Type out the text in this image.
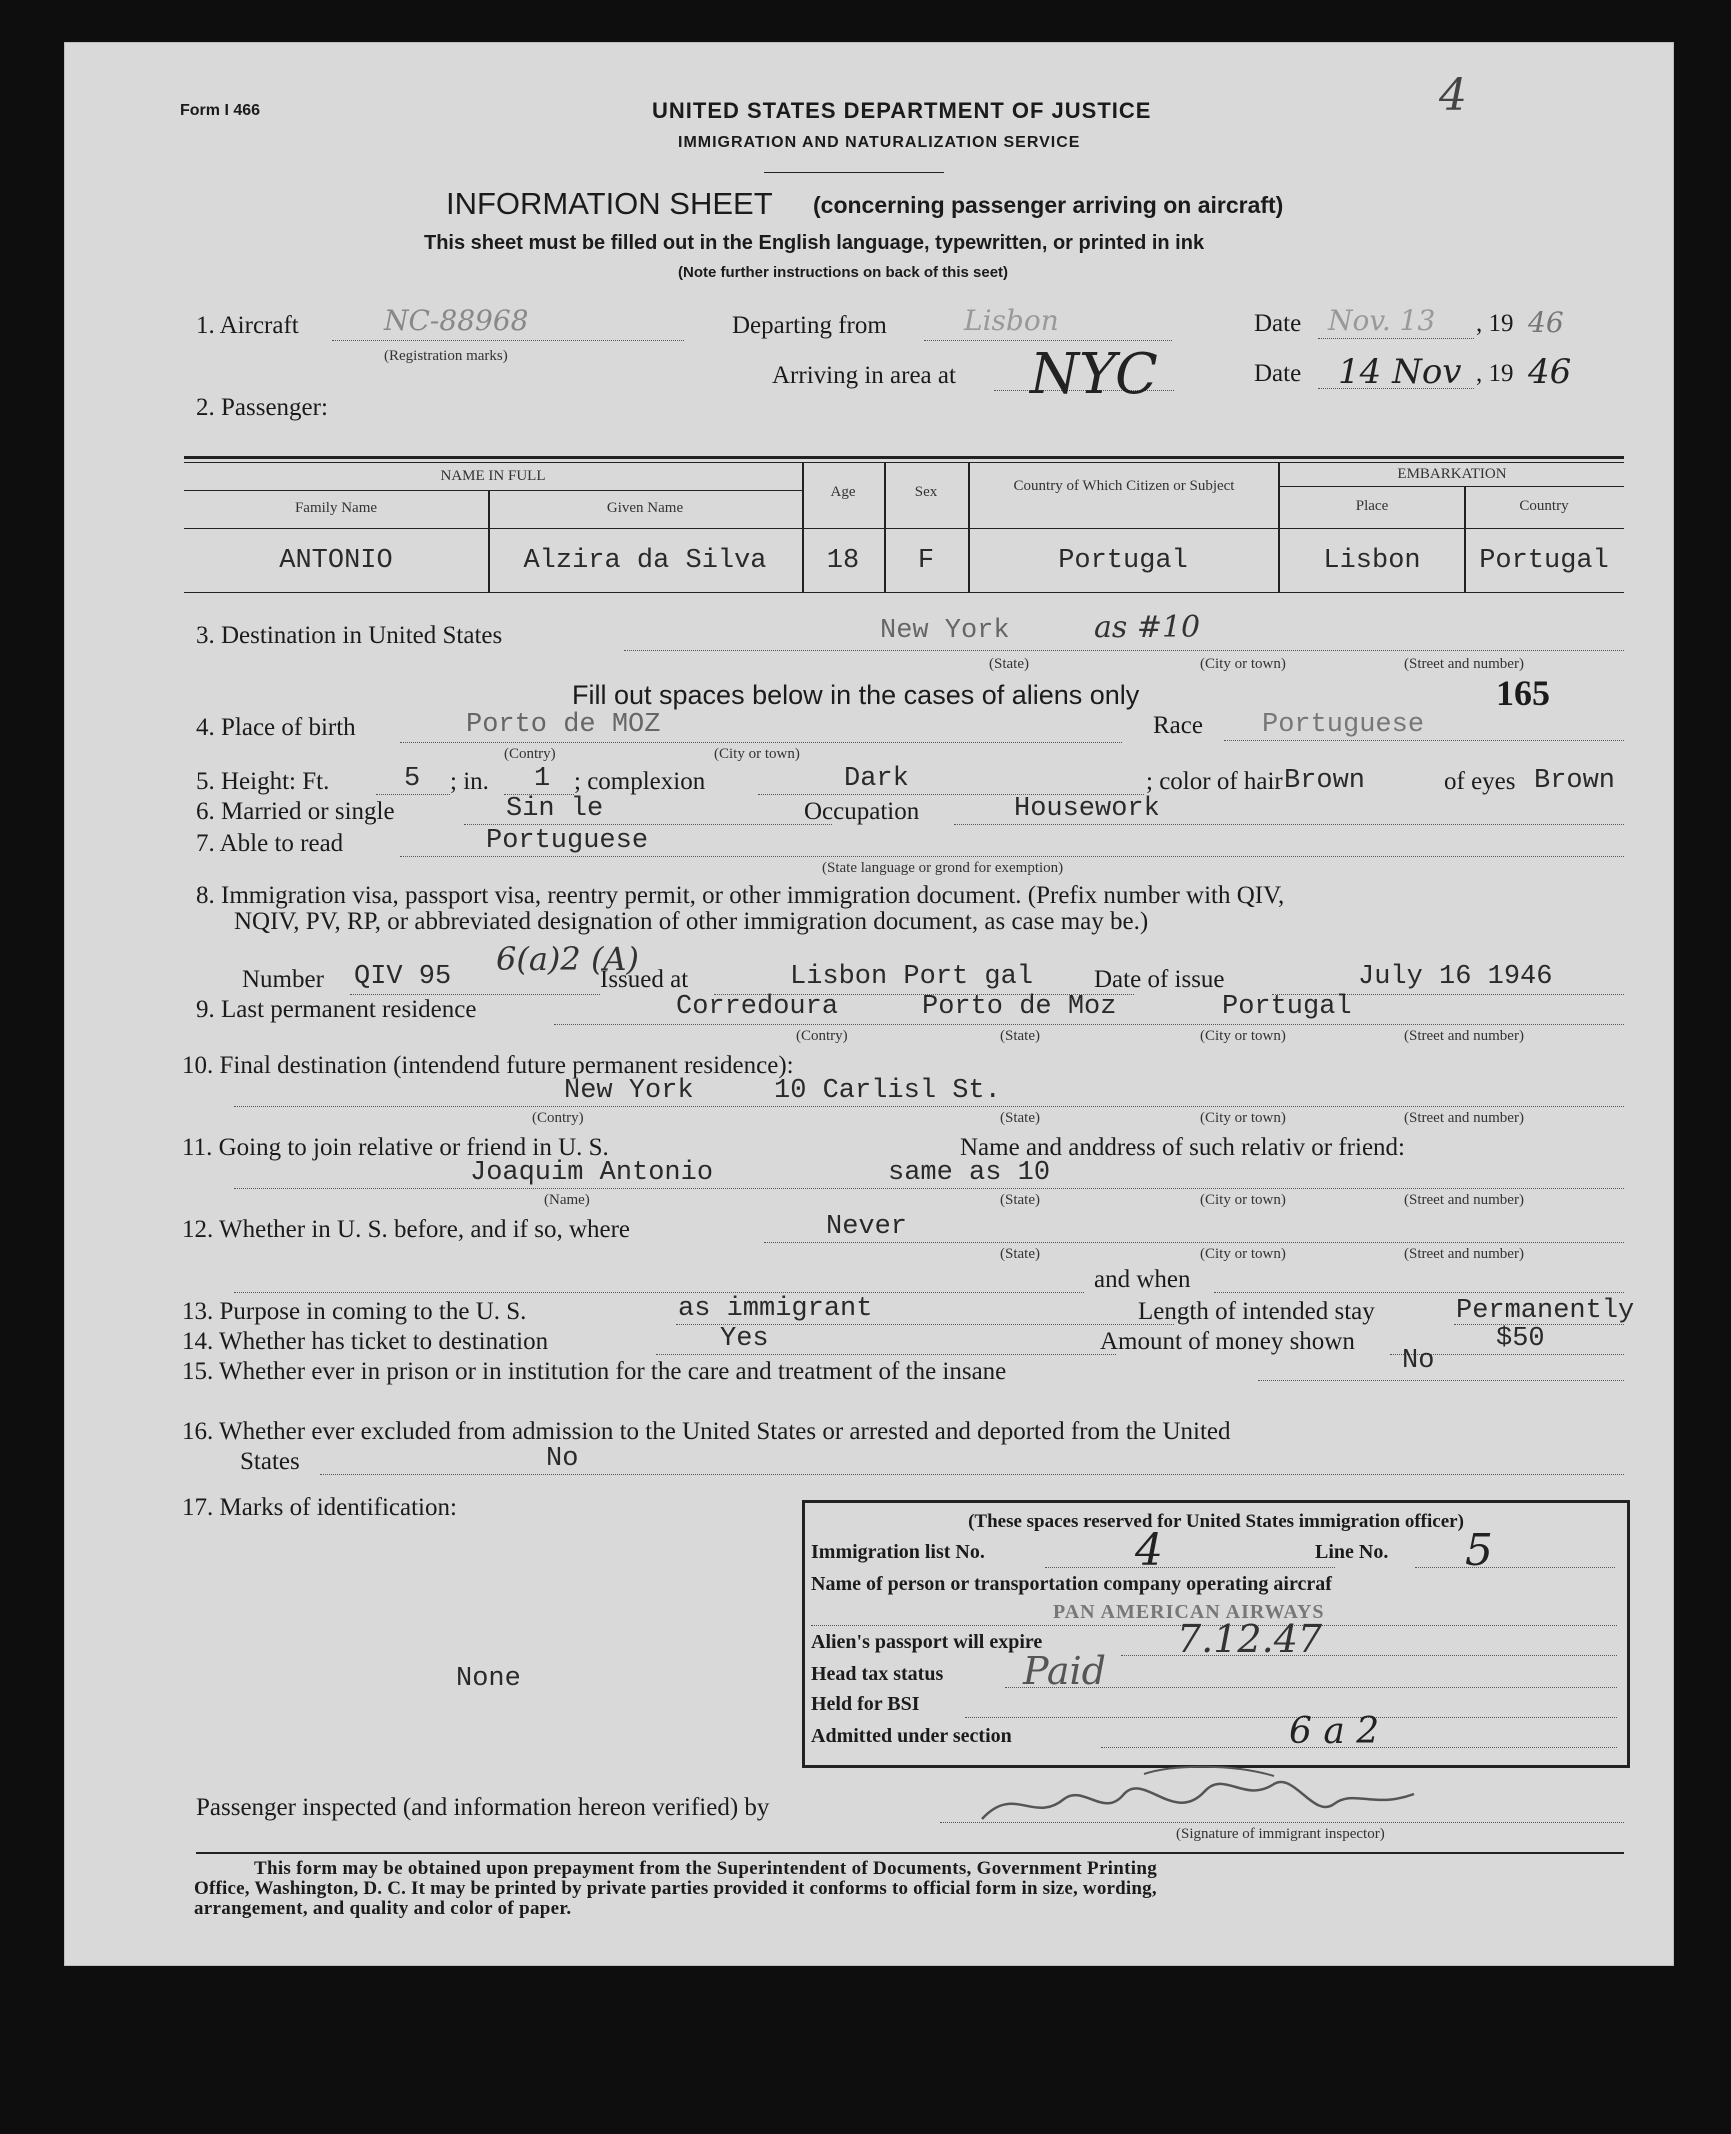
Form I 466	4
UNITED STATES DEPARTMENT OF JUSTICE
IMMIGRATION AND NATURALIZATION SERVICE
INFORMATION SHEET (concerning passenger arriving on aircraft)
This sheet must be filled out in the English language, typewritten, or printed in ink
(Note further instructions on back of this seet)
1. Aircraft	NC-88968
(Registration marks)
Departing from	Lisbon	Date Nov. 13 , 19 46
Arriving in area at NYC	Date 14 Nov , 19 46
2. Passenger:
NAME IN FULL
Family Name	Given Name
Age	Sex	Country of Which Citizen or Subject
EMBARKATION
Place	Country
ANTONIO	Alzira da Silva	18	F	Portugal	Lisbon	Portugal
3. Destination in United States	New York	as #10
(State)	(City or town)	(Street and number)
Fill out spaces below in the cases of aliens only	165
4. Place of birth	Porto de MOZ
(Contry)	(City or town)
Race Portuguese
5. Height: Ft.	5 ; in. 1 ; complexion	Dark	; color of hair Brown	of eyes Brown
6. Married or single	Sin le	Occupation	Housework
7. Able to read	Portuguese
(State language or grond for exemption)
8. Immigration visa, passport visa, reentry permit, or other immigration document. (Prefix number with QIV,
NQIV, PV, RP, or abbreviated designation of other immigration document, as case may be.)
Number QIV 95 6(a)2 (A)
Issued at	Lisbon Port gal Date of issue	July 16 1946
9. Last permanent residence	Corredoura	Porto de Moz	Portugal
(Contry)	(State)	(City or town)	(Street and number)
10. Final destination (intendend future permanent residence):
New York	10 Carlisl St.
(Contry)	(State)	(City or town)	(Street and number)
11. Going to join relative or friend in U. S.	Name and anddress of such relativ or friend:
Joaquim Antonio	same as 10
(Name)	(State)	(City or town)	(Street and number)
12. Whether in U. S. before, and if so, where	Never
(State)	(City or town)	(Street and number)
and when
13. Purpose in coming to the U. S.	as immigrant	Length of intended stay	Permanently
14. Whether has ticket to destination	Yes	Amount of money shown	$50
15. Whether ever in prison or in institution for the care and treatment of the insane	No
16. Whether ever excluded from admission to the United States or arrested and deported from the United
States	No
17. Marks of identification:
None
(These spaces reserved for United States immigration officer)
Immigration list No.	4	Line No. 5
Name of person or transportation company operating aircraf
PAN AMERICAN AIRWAYS
Alien's passport will expire	7.12.47
Head tax status Paid
Held for BSI
Admitted under section	6 a 2
Passenger inspected (and information hereon verified) by
(Signature of immigrant inspector)
This form may be obtained upon prepayment from the Superintendent of Documents, Government Printing
Office, Washington, D. C. It may be printed by private parties provided it conforms to official form in size, wording,
arrangement, and quality and color of paper.
